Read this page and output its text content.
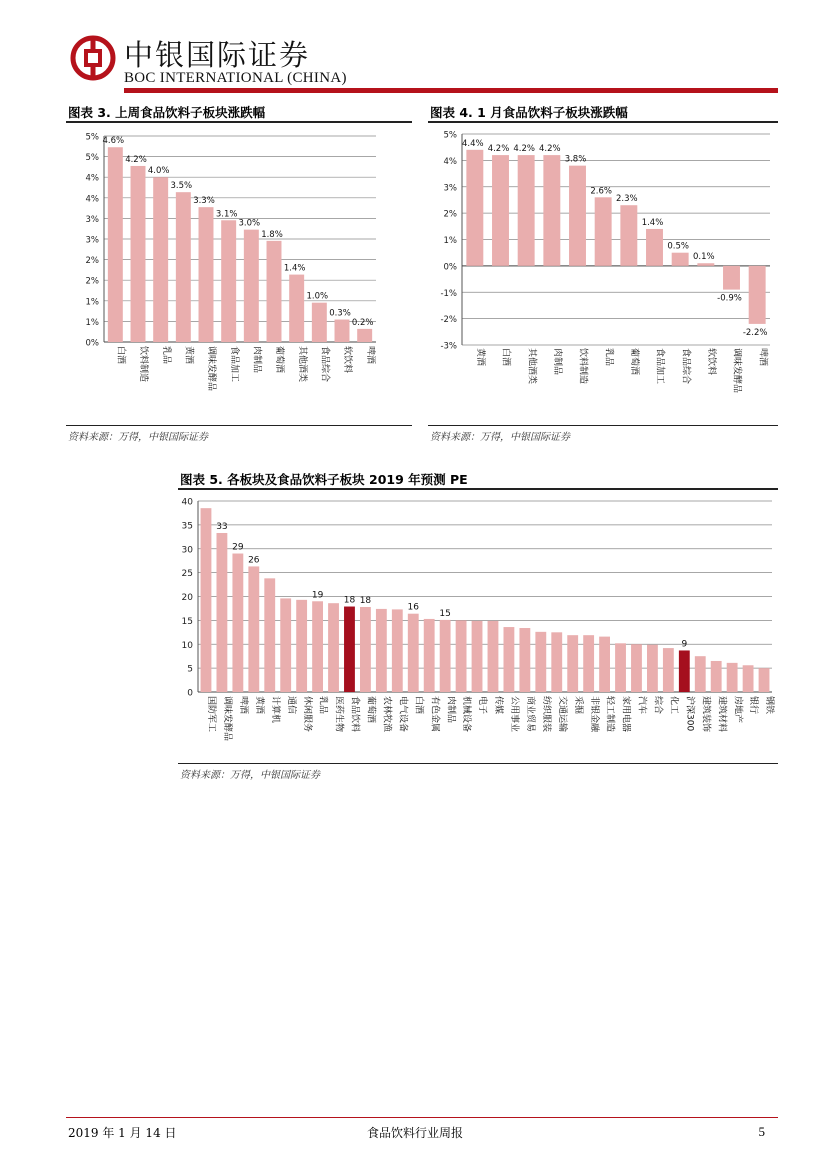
中银国际证券
BOC INTERNATIONAL (CHINA)
图表 3. 上周食品饮料子板块涨跌幅
0%
1%
1%
2%
2%
3%
3%
4%
4%
5%
5% 4.6%
白酒
4.2%
饮料制造
4.0%
乳品
3.5%
黄酒
3.3%
调味发酵品
3.1%
食品加工
3.0%
肉制品
1.8%
葡萄酒
1.4%
其他酒类
1.0%
食品综合
0.3%
软饮料
0.2%
啤酒
资料来源：万得，中银国际证券
图表 4. 1 月食品饮料子板块涨跌幅
-3%
-2%
-1%
0%
1%
2%
3%
4%
5%
4.4%
黄酒
4.2%
白酒
4.2%
其他酒类
4.2%
肉制品
3.8%
饮料制造
2.6%
乳品
2.3%
葡萄酒
1.4%
食品加工
0.5%
食品综合
0.1%
软饮料
-0.9%
调味发酵品
-2.2%
啤酒
资料来源：万得，中银国际证券
图表 5. 各板块及食品饮料子板块 2019 年预测 PE
0
5
10
15
20
25
30
35
40
国防军工
33
调味发酵品
29
啤酒
26
黄酒 计算机 通信 休闲服务
19
乳品 医药生物
18
食品饮料
18
葡萄酒 农林牧渔 电气设备
16
白酒 有色金属
15
肉制品 机械设备 电子 传媒 公用事业 商业贸易 纺织服装 交通运输 采掘 非银金融 轻工制造 家用电器 汽车 综合 化工
9
沪深300 建筑装饰 建筑材料 房地产 银行 钢铁
资料来源：万得，中银国际证券
2019 年 1 月 14 日	食品饮料行业周报	5
